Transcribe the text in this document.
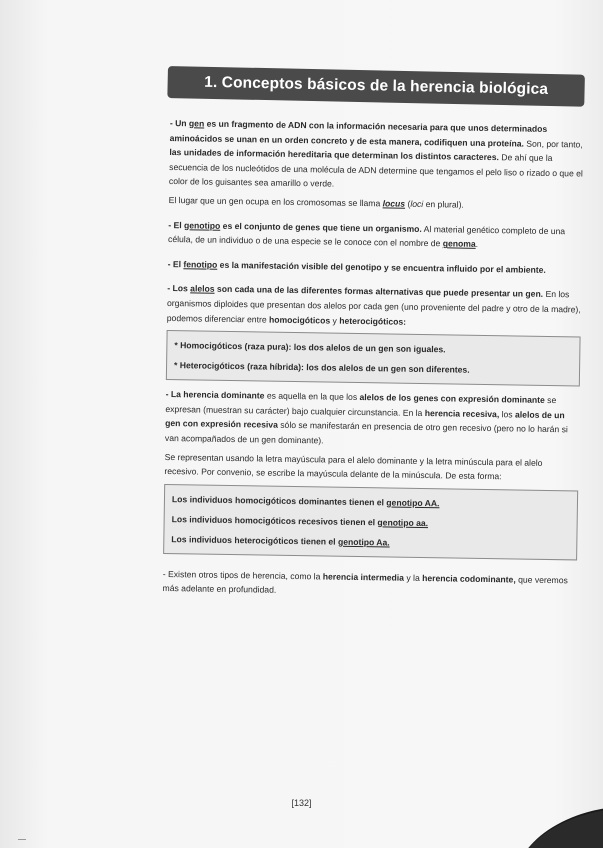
1. Conceptos básicos de la herencia biológica

- Un gen es un fragmento de ADN con la información necesaria para que unos determinados aminoácidos se unan en un orden concreto y de esta manera, codifiquen una proteína. Son, por tanto, las unidades de información hereditaria que determinan los distintos caracteres. De ahí que la secuencia de los nucleótidos de una molécula de ADN determine que tengamos el pelo liso o rizado o que el color de los guisantes sea amarillo o verde.

El lugar que un gen ocupa en los cromosomas se llama locus (loci en plural).

- El genotipo es el conjunto de genes que tiene un organismo. Al material genético completo de una célula, de un individuo o de una especie se le conoce con el nombre de genoma.

- El fenotipo es la manifestación visible del genotipo y se encuentra influido por el ambiente.

- Los alelos son cada una de las diferentes formas alternativas que puede presentar un gen. En los organismos diploides que presentan dos alelos por cada gen (uno proveniente del padre y otro de la madre), podemos diferenciar entre homocigóticos y heterocigóticos:

* Homocigóticos (raza pura): los dos alelos de un gen son iguales.
* Heterocigóticos (raza híbrida): los dos alelos de un gen son diferentes.

- La herencia dominante es aquella en la que los alelos de los genes con expresión dominante se expresan (muestran su carácter) bajo cualquier circunstancia. En la herencia recesiva, los alelos de un gen con expresión recesiva sólo se manifestarán en presencia de otro gen recesivo (pero no lo harán si van acompañados de un gen dominante).

Se representan usando la letra mayúscula para el alelo dominante y la letra minúscula para el alelo recesivo. Por convenio, se escribe la mayúscula delante de la minúscula. De esta forma:

Los individuos homocigóticos dominantes tienen el genotipo AA.
Los individuos homocigóticos recesivos tienen el genotipo aa.
Los individuos heterocigóticos tienen el genotipo Aa.

- Existen otros tipos de herencia, como la herencia intermedia y la herencia codominante, que veremos más adelante en profundidad.

[132]
